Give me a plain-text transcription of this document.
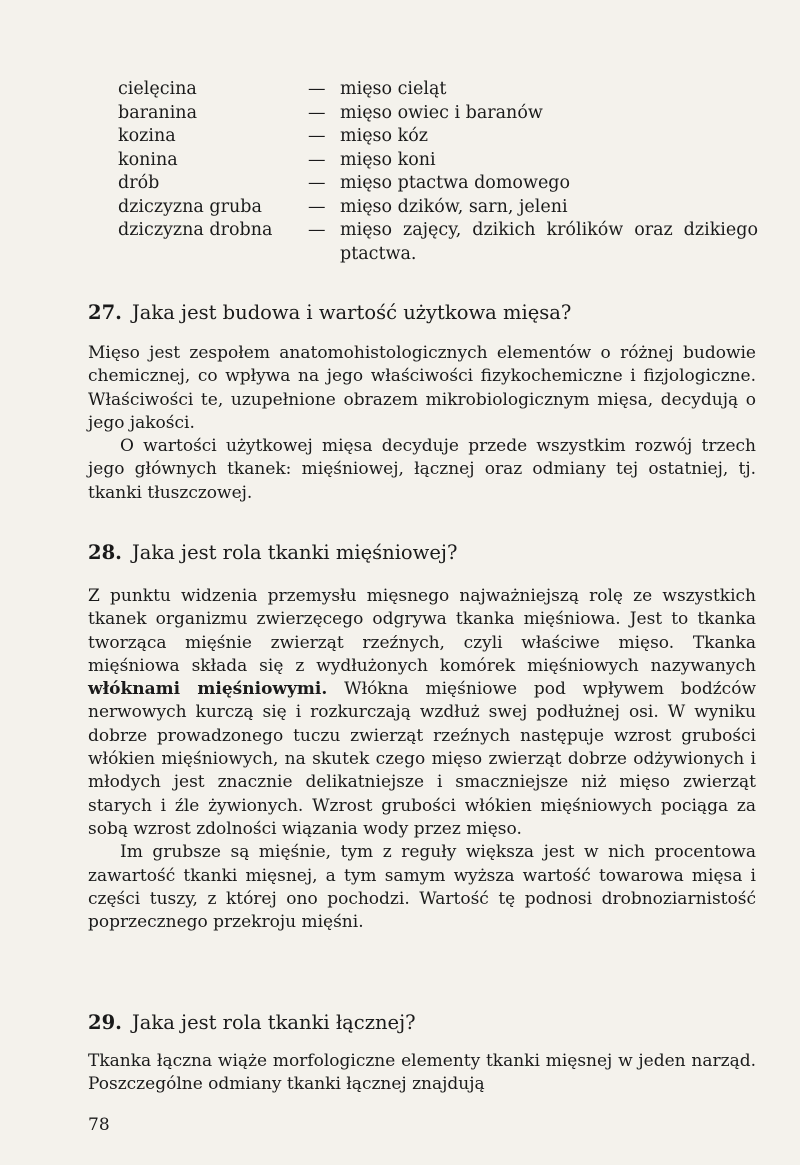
cielęcina	— mięso cieląt
baranina	— mięso owiec i baranów
kozina	— mięso kóz
konina	— mięso koni
drób	— mięso ptactwa domowego
dziczyzna gruba	— mięso dzików, sarn, jeleni
dziczyzna drobna	— mięso zajęcy, dzikich królików oraz dzikiego ptactwa.
27. Jaka jest budowa i wartość użytkowa mięsa?

Mięso jest zespołem anatomohistologicznych elementów o różnej budowie chemicznej, co wpływa na jego właściwości fizykochemiczne i fizjologiczne. Właściwości te, uzupełnione obrazem mikrobiologicznym mięsa, decydują o jego jakości.

O wartości użytkowej mięsa decyduje przede wszystkim rozwój trzech jego głównych tkanek: mięśniowej, łącznej oraz odmiany tej ostatniej, tj. tkanki tłuszczowej.

28. Jaka jest rola tkanki mięśniowej?

Z punktu widzenia przemysłu mięsnego najważniejszą rolę ze wszystkich tkanek organizmu zwierzęcego odgrywa tkanka mięśniowa. Jest to tkanka tworząca mięśnie zwierząt rzeźnych, czyli właściwe mięso. Tkanka mięśniowa składa się z wydłużonych komórek mięśniowych nazywanych włóknami mięśniowymi. Włókna mięśniowe pod wpływem bodźców nerwowych kurczą się i rozkurczają wzdłuż swej podłużnej osi. W wyniku dobrze prowadzonego tuczu zwierząt rzeźnych następuje wzrost grubości włókien mięśniowych, na skutek czego mięso zwierząt dobrze odżywionych i młodych jest znacznie delikatniejsze i smaczniejsze niż mięso zwierząt starych i źle żywionych. Wzrost grubości włókien mięśniowych pociąga za sobą wzrost zdolności wiązania wody przez mięso.

Im grubsze są mięśnie, tym z reguły większa jest w nich procentowa zawartość tkanki mięsnej, a tym samym wyższa wartość towarowa mięsa i części tuszy, z której ono pochodzi. Wartość tę podnosi drobnoziarnistość poprzecznego przekroju mięśni.

29. Jaka jest rola tkanki łącznej?

Tkanka łączna wiąże morfologiczne elementy tkanki mięsnej w jeden narząd. Poszczególne odmiany tkanki łącznej znajdują

78
